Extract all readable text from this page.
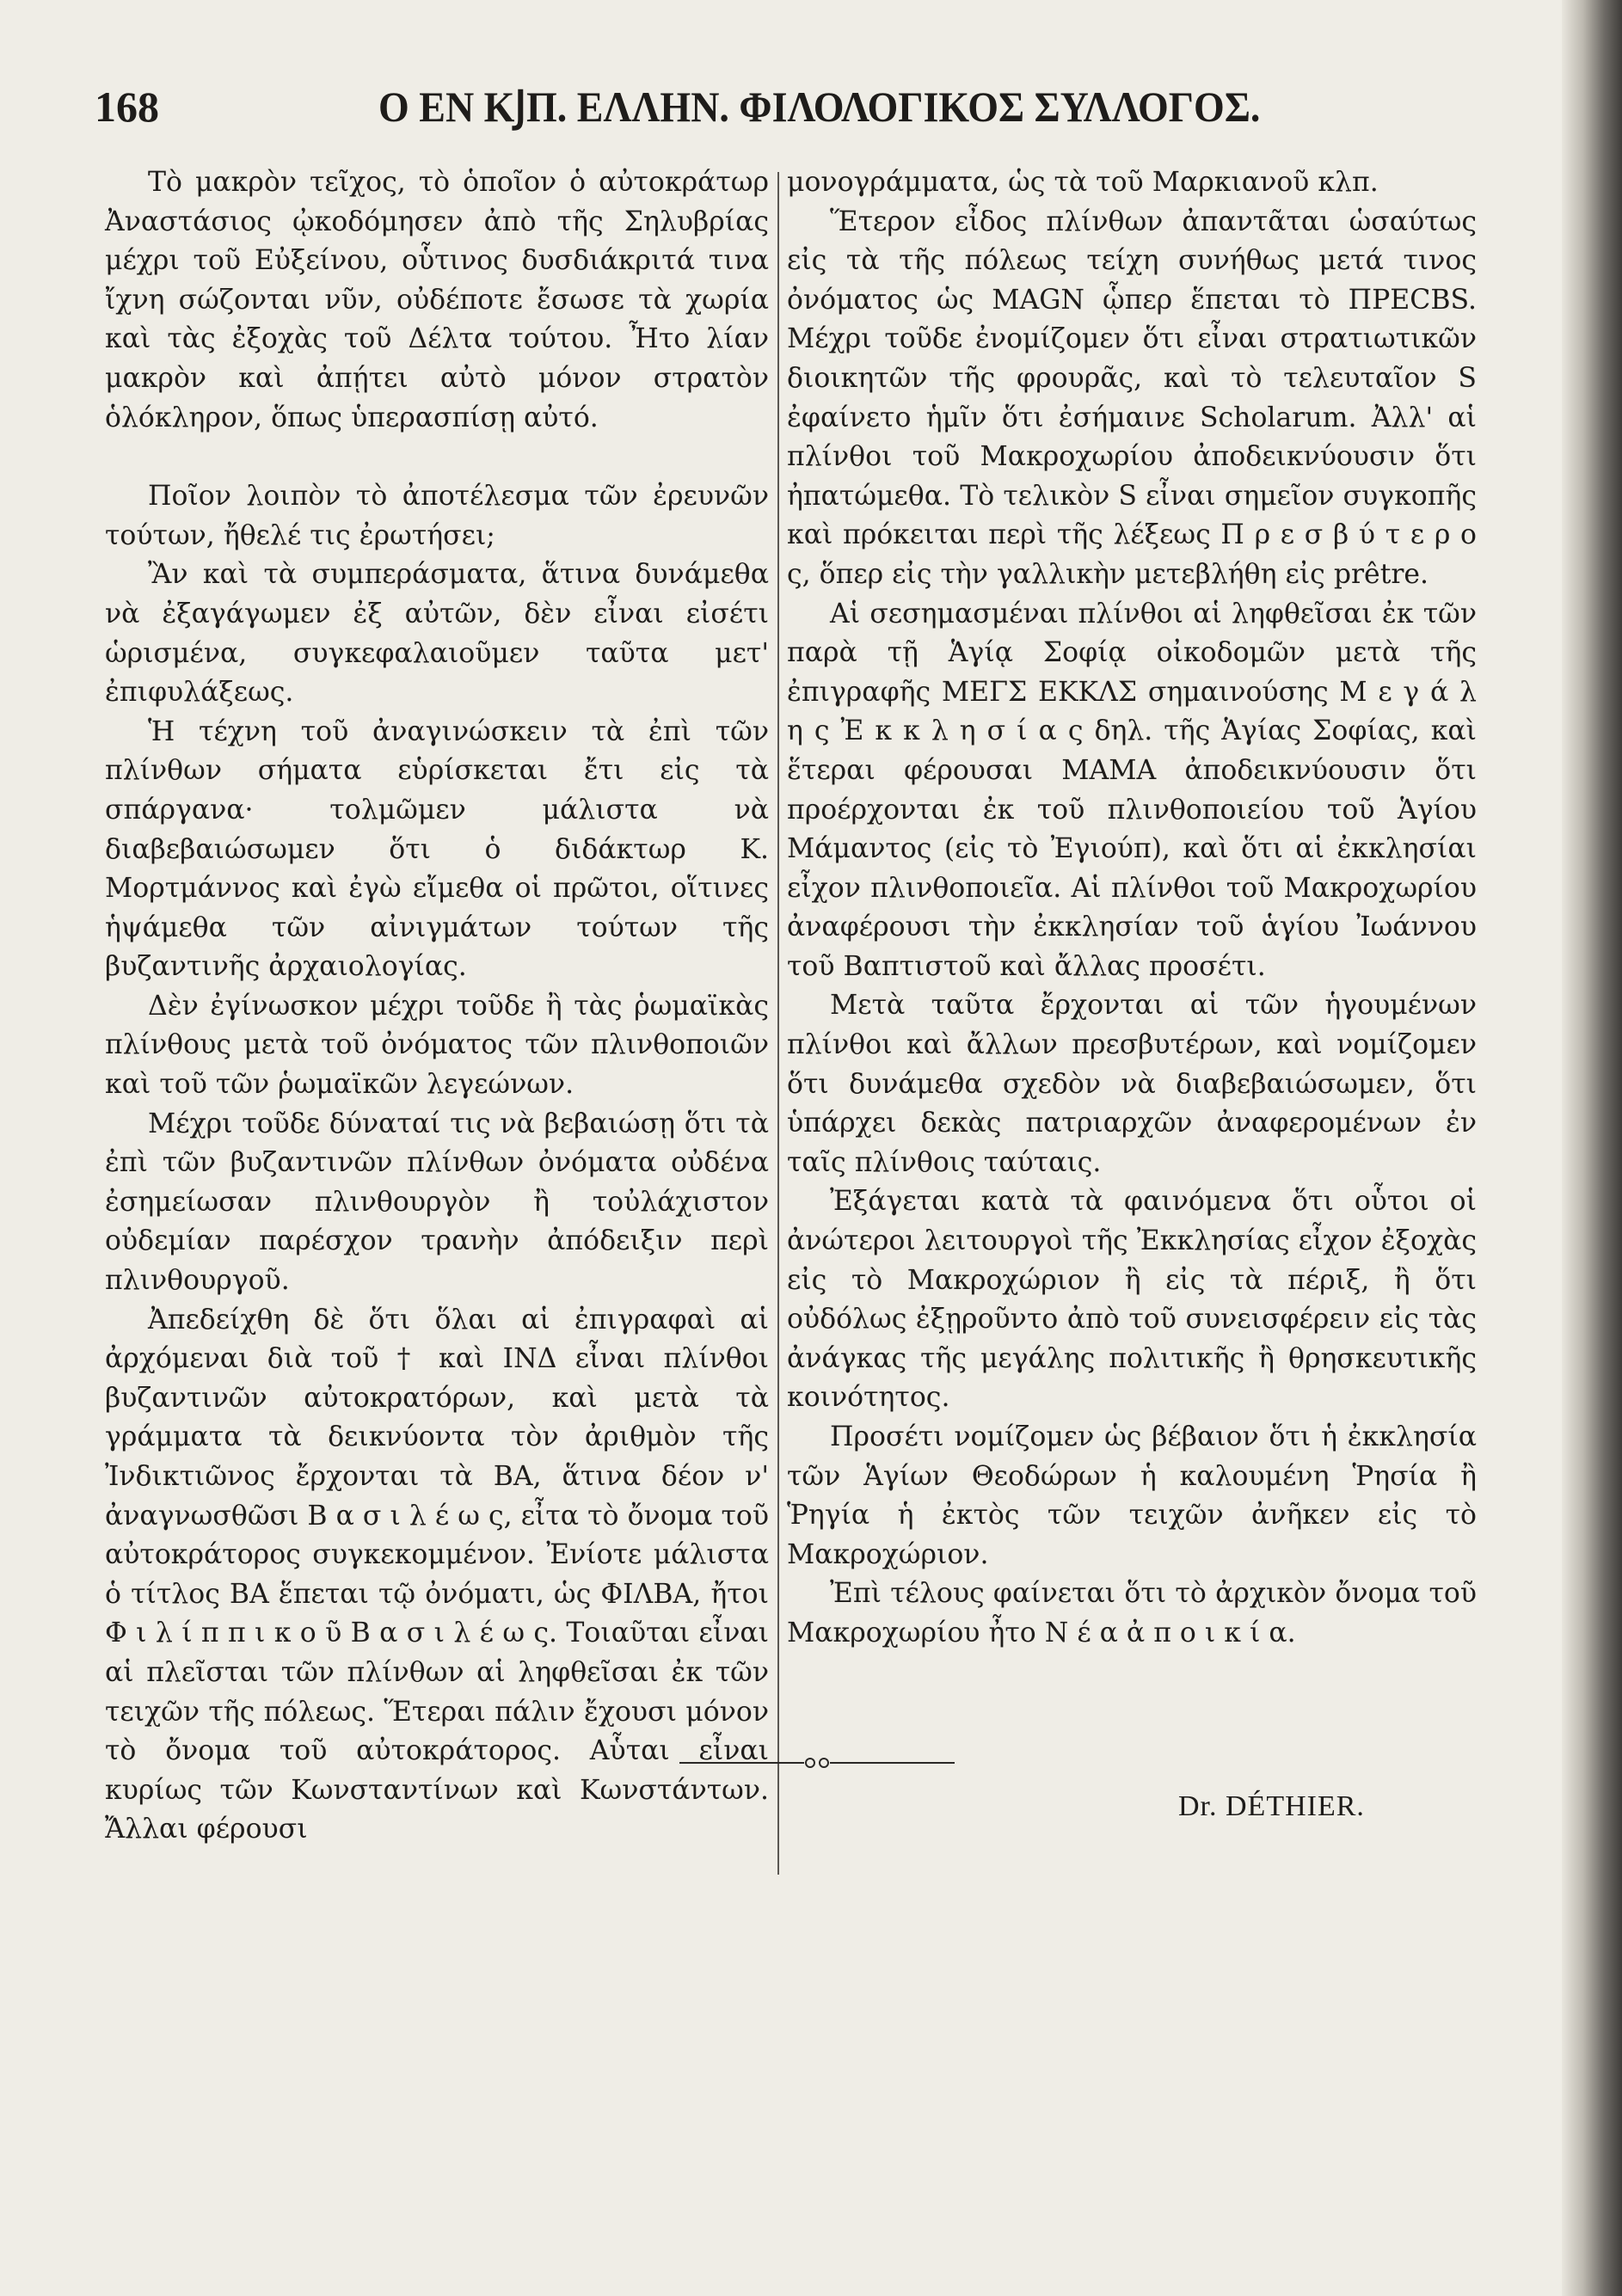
168	Ο ΕΝ ΚͿΠ. ΕΛΛΗΝ. ΦΙΛΟΛΟΓΙΚΟΣ ΣΥΛΛΟΓΟΣ.

Τὸ μακρὸν τεῖχος, τὸ ὁποῖον ὁ αὐτοκράτωρ Ἀναστάσιος ᾠκοδόμησεν ἀπὸ τῆς Σηλυβρίας μέχρι τοῦ Εὐξείνου, οὗτινος δυσδιάκριτά τινα ἴχνη σώζονται νῦν, οὐδέποτε ἔσωσε τὰ χωρία καὶ τὰς ἐξοχὰς τοῦ Δέλτα τούτου. Ἦτο λίαν μακρὸν καὶ ἀπῄτει αὐτὸ μόνον στρατὸν ὁλόκληρον, ὅπως ὑπερασπίσῃ αὐτό.

Ποῖον λοιπὸν τὸ ἀποτέλεσμα τῶν ἐρευνῶν τούτων, ἤθελέ τις ἐρωτήσει;

Ἂν καὶ τὰ συμπεράσματα, ἅτινα δυνάμεθα νὰ ἐξαγάγωμεν ἐξ αὐτῶν, δὲν εἶναι εἰσέτι ὡρισμένα, συγκεφαλαιοῦμεν ταῦτα μετ' ἐπιφυλάξεως.

Ἡ τέχνη τοῦ ἀναγινώσκειν τὰ ἐπὶ τῶν πλίνθων σήματα εὑρίσκεται ἔτι εἰς τὰ σπάργανα· τολμῶμεν μάλιστα νὰ διαβεβαιώσωμεν ὅτι ὁ διδάκτωρ Κ. Μορτμάννος καὶ ἐγὼ εἴμεθα οἱ πρῶτοι, οἵτινες ἡψάμεθα τῶν αἰνιγμάτων τούτων τῆς βυζαντινῆς ἀρχαιολογίας.

Δὲν ἐγίνωσκον μέχρι τοῦδε ἢ τὰς ῥωμαϊκὰς πλίνθους μετὰ τοῦ ὀνόματος τῶν πλινθοποιῶν καὶ τοῦ τῶν ῥωμαϊκῶν λεγεώνων.

Μέχρι τοῦδε δύναταί τις νὰ βεβαιώσῃ ὅτι τὰ ἐπὶ τῶν βυζαντινῶν πλίνθων ὀνόματα οὐδένα ἐσημείωσαν πλινθουργὸν ἢ τοὐλάχιστον οὐδεμίαν παρέσχον τρανὴν ἀπόδειξιν περὶ πλινθουργοῦ.

Ἀπεδείχθη δὲ ὅτι ὅλαι αἱ ἐπιγραφαὶ αἱ ἀρχόμεναι διὰ τοῦ † καὶ ΙΝΔ εἶναι πλίνθοι βυζαντινῶν αὐτοκρατόρων, καὶ μετὰ τὰ γράμματα τὰ δεικνύοντα τὸν ἀριθμὸν τῆς Ἰνδικτιῶνος ἔρχονται τὰ ΒΑ, ἅτινα δέον ν' ἀναγνωσθῶσι Β α σ ι λ έ ω ς, εἶτα τὸ ὄνομα τοῦ αὐτοκράτορος συγκεκομμένον. Ἐνίοτε μάλιστα ὁ τίτλος ΒΑ ἕπεται τῷ ὀνόματι, ὡς ΦΙΛΒΑ, ἤτοι Φ ι λ ί π π ι κ ο ῦ Β α σ ι λ έ ω ς. Τοιαῦται εἶναι αἱ πλεῖσται τῶν πλίνθων αἱ ληφθεῖσαι ἐκ τῶν τειχῶν τῆς πόλεως. Ἕτεραι πάλιν ἔχουσι μόνον τὸ ὄνομα τοῦ αὐτοκράτορος. Αὗται εἶναι κυρίως τῶν Κωνσταντίνων καὶ Κωνστάντων. Ἄλλαι φέρουσι

μονογράμματα, ὡς τὰ τοῦ Μαρκιανοῦ κλπ.

Ἕτερον εἶδος πλίνθων ἀπαντᾶται ὡσαύτως εἰς τὰ τῆς πόλεως τείχη συνήθως μετά τινος ὀνόματος ὡς MAGN ᾧπερ ἕπεται τὸ ΠΡΕCBS. Μέχρι τοῦδε ἐνομίζομεν ὅτι εἶναι στρατιωτικῶν διοικητῶν τῆς φρουρᾶς, καὶ τὸ τελευταῖον S ἐφαίνετο ἡμῖν ὅτι ἐσήμαινε Scholarum. Ἀλλ' αἱ πλίνθοι τοῦ Μακροχωρίου ἀποδεικνύουσιν ὅτι ἠπατώμεθα. Τὸ τελικὸν S εἶναι σημεῖον συγκοπῆς καὶ πρόκειται περὶ τῆς λέξεως Π ρ ε σ β ύ τ ε ρ ο ς, ὅπερ εἰς τὴν γαλλικὴν μετεβλήθη εἰς prêtre.

Αἱ σεσημασμέναι πλίνθοι αἱ ληφθεῖσαι ἐκ τῶν παρὰ τῇ Ἁγίᾳ Σοφίᾳ οἰκοδομῶν μετὰ τῆς ἐπιγραφῆς ΜΕΓΣ ΕΚΚΛΣ σημαινούσης Μ ε γ ά λ η ς Ἐ κ κ λ η σ ί α ς δηλ. τῆς Ἁγίας Σοφίας, καὶ ἕτεραι φέρουσαι ΜΑΜΑ ἀποδεικνύουσιν ὅτι προέρχονται ἐκ τοῦ πλινθοποιείου τοῦ Ἁγίου Μάμαντος (εἰς τὸ Ἐγιούπ), καὶ ὅτι αἱ ἐκκλησίαι εἶχον πλινθοποιεῖα. Αἱ πλίνθοι τοῦ Μακροχωρίου ἀναφέρουσι τὴν ἐκκλησίαν τοῦ ἁγίου Ἰωάννου τοῦ Βαπτιστοῦ καὶ ἄλλας προσέτι.

Μετὰ ταῦτα ἔρχονται αἱ τῶν ἡγουμένων πλίνθοι καὶ ἄλλων πρεσβυτέρων, καὶ νομίζομεν ὅτι δυνάμεθα σχεδὸν νὰ διαβεβαιώσωμεν, ὅτι ὑπάρχει δεκὰς πατριαρχῶν ἀναφερομένων ἐν ταῖς πλίνθοις ταύταις.

Ἐξάγεται κατὰ τὰ φαινόμενα ὅτι οὗτοι οἱ ἀνώτεροι λειτουργοὶ τῆς Ἐκκλησίας εἶχον ἐξοχὰς εἰς τὸ Μακροχώριον ἢ εἰς τὰ πέριξ, ἢ ὅτι οὐδόλως ἐξῃροῦντο ἀπὸ τοῦ συνεισφέρειν εἰς τὰς ἀνάγκας τῆς μεγάλης πολιτικῆς ἢ θρησκευτικῆς κοινότητος.

Προσέτι νομίζομεν ὡς βέβαιον ὅτι ἡ ἐκκλησία τῶν Ἁγίων Θεοδώρων ἡ καλουμένη Ῥησία ἢ Ῥηγία ἡ ἐκτὸς τῶν τειχῶν ἀνῆκεν εἰς τὸ Μακροχώριον.

Ἐπὶ τέλους φαίνεται ὅτι τὸ ἀρχικὸν ὄνομα τοῦ Μακροχωρίου ἦτο Ν έ α ἀ π ο ι κ ί α.

Dr. DÉTHIER.
